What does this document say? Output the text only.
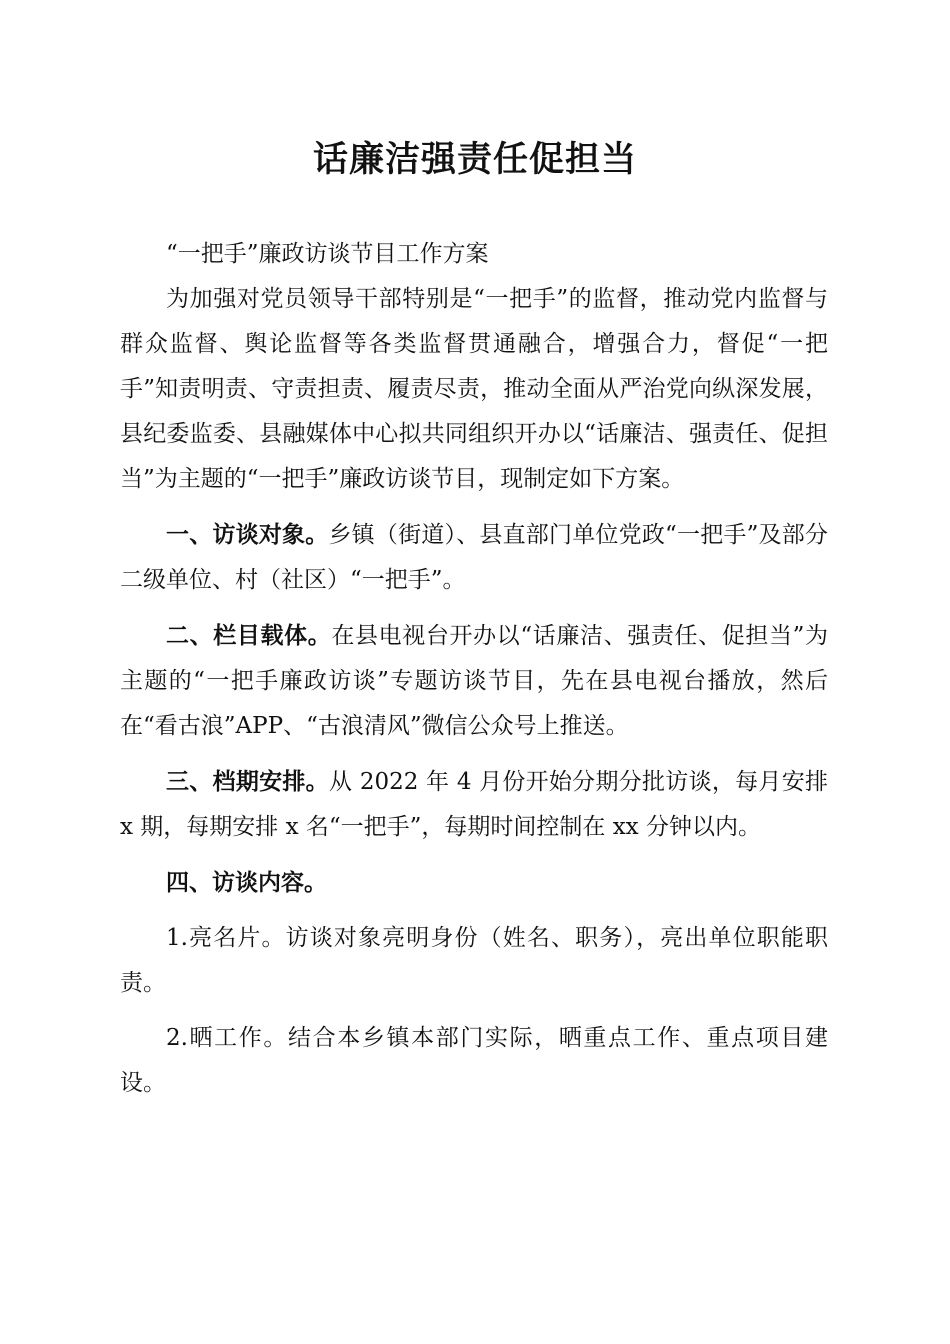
话廉洁强责任促担当

“一把手”廉政访谈节目工作方案

为加强对党员领导干部特别是“一把手”的监督，推动党内监督与群众监督、舆论监督等各类监督贯通融合，增强合力，督促“一把手”知责明责、守责担责、履责尽责，推动全面从严治党向纵深发展，县纪委监委、县融媒体中心拟共同组织开办以“话廉洁、强责任、促担当”为主题的“一把手”廉政访谈节目，现制定如下方案。

一、访谈对象。乡镇（街道）、县直部门单位党政“一把手”及部分二级单位、村（社区）“一把手”。

二、栏目载体。在县电视台开办以“话廉洁、强责任、促担当”为主题的“一把手廉政访谈”专题访谈节目，先在县电视台播放，然后在“看古浪”APP、“古浪清风”微信公众号上推送。

三、档期安排。从 2022 年 4 月份开始分期分批访谈，每月安排 x 期，每期安排 x 名“一把手”，每期时间控制在 xx 分钟以内。

四、访谈内容。

1.亮名片。访谈对象亮明身份（姓名、职务），亮出单位职能职责。

2.晒工作。结合本乡镇本部门实际，晒重点工作、重点项目建设。
